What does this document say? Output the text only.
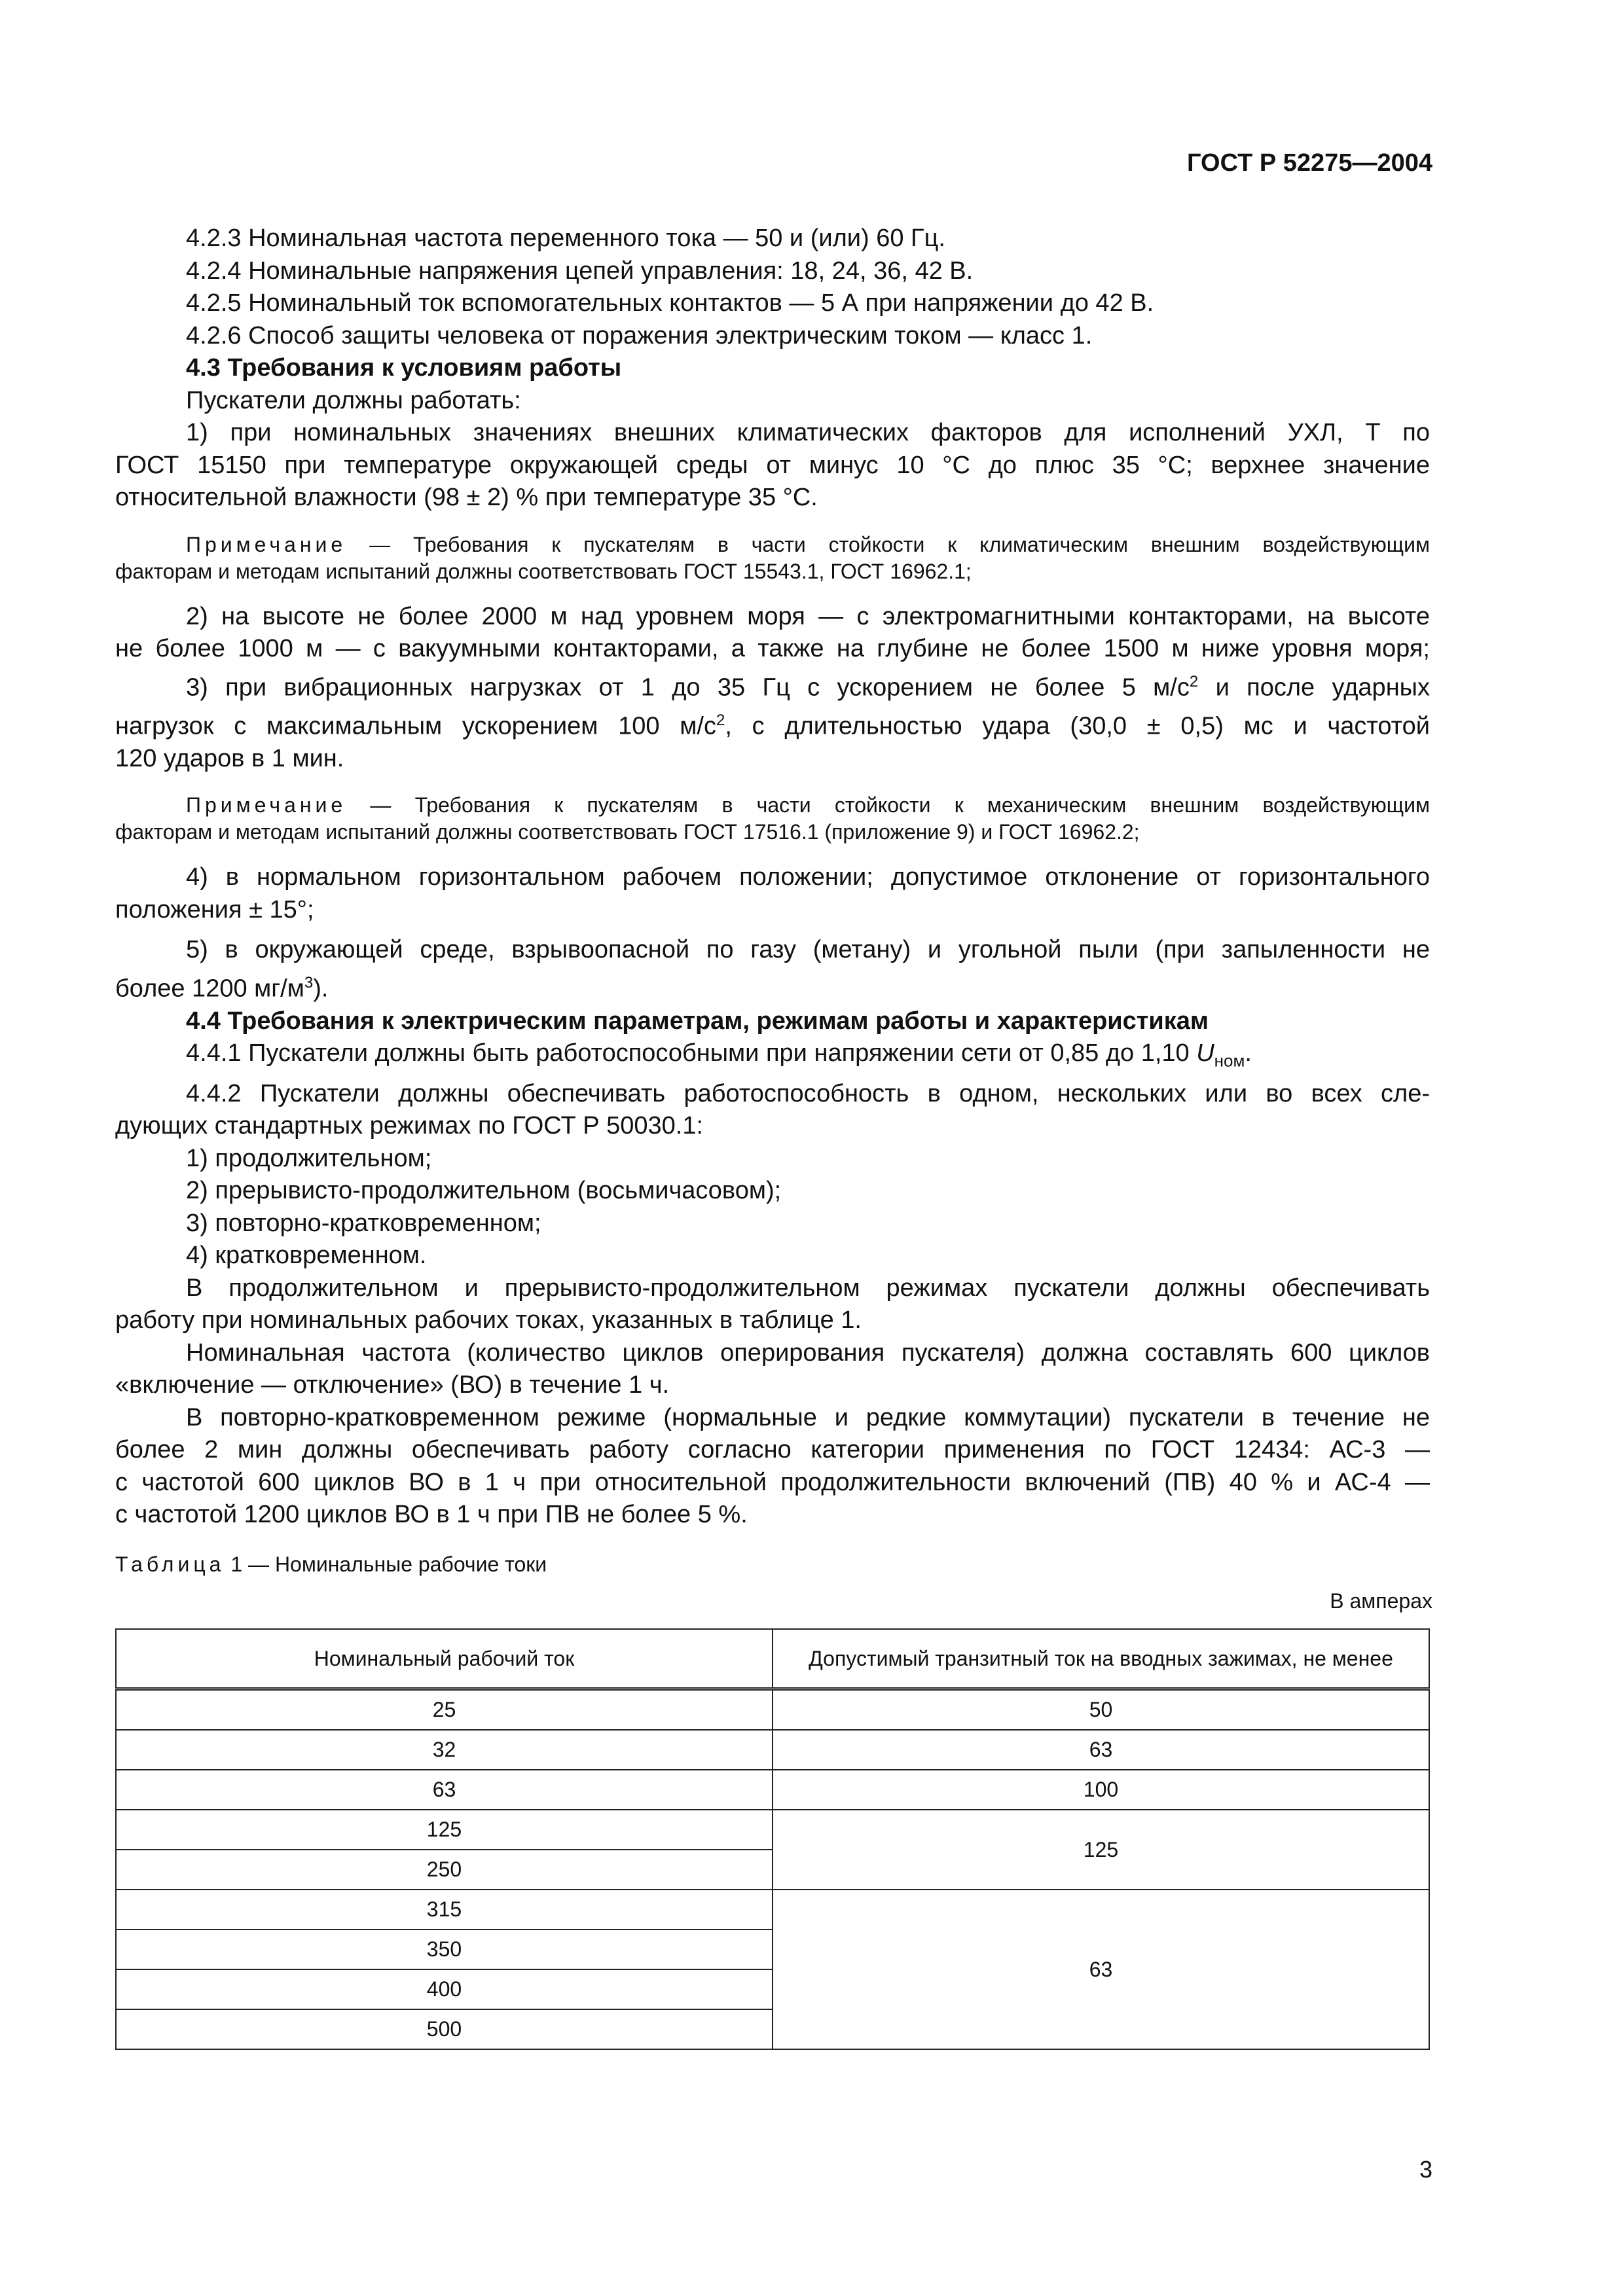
ГОСТ Р 52275—2004

4.2.3 Номинальная частота переменного тока — 50 и (или) 60 Гц.

4.2.4 Номинальные напряжения цепей управления: 18, 24, 36, 42 В.

4.2.5 Номинальный ток вспомогательных контактов — 5 А при напряжении до 42 В.

4.2.6 Способ защиты человека от поражения электрическим током — класс 1.

4.3 Требования к условиям работы

Пускатели должны работать:

1) при номинальных значениях внешних климатических факторов для исполнений УХЛ, Т по

ГОСТ 15150 при температуре окружающей среды от минус 10 °С до плюс 35 °С; верхнее значение

относительной влажности (98 ± 2) % при температуре 35 °С.

Примечание — Требования к пускателям в части стойкости к климатическим внешним воздействующим

факторам и методам испытаний должны соответствовать ГОСТ 15543.1, ГОСТ 16962.1;

2) на высоте не более 2000 м над уровнем моря — с электромагнитными контакторами, на высоте

не более 1000 м — с вакуумными контакторами, а также на глубине не более 1500 м ниже уровня моря;

3) при вибрационных нагрузках от 1 до 35 Гц с ускорением не более 5 $м/с^2$ и после ударных

нагрузок с максимальным ускорением 100 $м/с^2$, с длительностью удара (30,0 ± 0,5) мс и частотой

120 ударов в 1 мин.

Примечание — Требования к пускателям в части стойкости к механическим внешним воздействующим

факторам и методам испытаний должны соответствовать ГОСТ 17516.1 (приложение 9) и ГОСТ 16962.2;

4) в нормальном горизонтальном рабочем положении; допустимое отклонение от горизонтального

положения ± 15°;

5) в окружающей среде, взрывоопасной по газу (метану) и угольной пыли (при запыленности не

более 1200 $мг/м^3$).

4.4 Требования к электрическим параметрам, режимам работы и характеристикам

4.4.1 Пускатели должны быть работоспособными при напряжении сети от 0,85 до 1,10 $U_{ном}$.

4.4.2 Пускатели должны обеспечивать работоспособность в одном, нескольких или во всех сле-

дующих стандартных режимах по ГОСТ Р 50030.1:

1) продолжительном;

2) прерывисто-продолжительном (восьмичасовом);

3) повторно-кратковременном;

4) кратковременном.

В продолжительном и прерывисто-продолжительном режимах пускатели должны обеспечивать

работу при номинальных рабочих токах, указанных в таблице 1.

Номинальная частота (количество циклов оперирования пускателя) должна составлять 600 циклов

«включение — отключение» (ВО) в течение 1 ч.

В повторно-кратковременном режиме (нормальные и редкие коммутации) пускатели в течение не

более 2 мин должны обеспечивать работу согласно категории применения по ГОСТ 12434: АС-3 —

с частотой 600 циклов ВО в 1 ч при относительной продолжительности включений (ПВ) 40 % и АС-4 —

с частотой 1200 циклов ВО в 1 ч при ПВ не более 5 %.

Таблица 1 — Номинальные рабочие токи
В амперах
Номинальный рабочий ток	Допустимый транзитный ток на вводных зажимах, не менее
25	50
32	63
63	100
125	125
250	
315	63
350	
400	
500	
3
